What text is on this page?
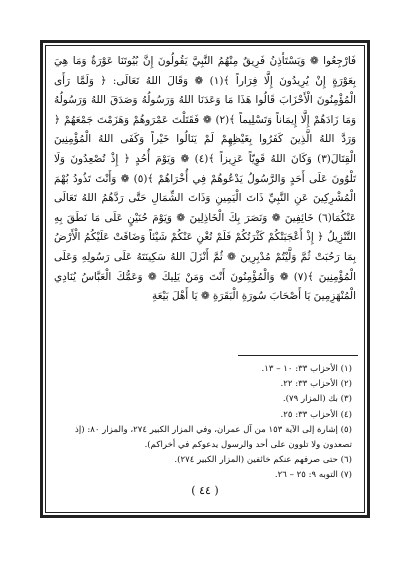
فَارْجِعُوا ❁ وَيَسْتَأْذِنُ فَرِيقٌ مِنْهُمُ النَّبِيَّ يَقُولُونَ إِنَّ بُيُوتَنَا عَوْرَةٌ وَمَا هِيَ بِعَوْرَةٍ إِنْ يُرِيدُونَ إِلَّا فِرَاراً ﴾(١) ❁ وَقَالَ اللهُ تَعَالَى: ﴿ وَلَمَّا رَأَى الْمُؤْمِنُونَ الْأَحْزَابَ قَالُوا هَذَا مَا وَعَدَنَا اللهُ وَرَسُولُهُ وَصَدَقَ اللهُ وَرَسُولُهُ وَمَا زَادَهُمْ إِلَّا إِيمَاناً وَتَسْلِيماً ﴾(٢) ❁ فَقَتَلْتَ عَمْرَوهُمْ وَهَزَمْتَ جَمْعَهُمْ ﴿ وَرَدَّ اللهُ الَّذِينَ كَفَرُوا بِغَيْظِهِمْ لَمْ يَنَالُوا خَيْراً وَكَفَى اللهُ الْمُؤْمِنِينَ الْقِتَالَ(٣) وَكَانَ اللهُ قَوِيّاً عَزِيزاً ﴾(٤) ❁ وَيَوْمَ أُحُدٍ ﴿ إِذْ تُصْعِدُونَ وَلَا تَلْوُونَ عَلَى أَحَدٍ وَالرَّسُولُ يَدْعُوهُمْ فِي أُخْرَاهُمْ ﴾(٥) ❁ وَأَنْتَ تَذُودُ بُهْمَ الْمُشْرِكِينَ عَنِ النَّبِيِّ ذَاتَ الْيَمِينِ وَذَاتَ الشِّمَالِ حَتَّى رَدَّهُمُ اللهُ تَعَالَى عَنْكُمَا(٦) خَائِفِينَ ❁ وَنَصَرَ بِكَ الْخَاذِلِينَ ❁ وَيَوْمَ حُنَيْنٍ عَلَى مَا نَطَقَ بِهِ التَّنْزِيلُ ﴿ إِذْ أَعْجَبَتْكُمْ كَثْرَتُكُمْ فَلَمْ تُغْنِ عَنْكُمْ شَيْئاً وَضَاقَتْ عَلَيْكُمُ الْأَرْضُ بِمَا رَحُبَتْ ثُمَّ وَلَّيْتُمْ مُدْبِرِينَ ❁ ثُمَّ أَنْزَلَ اللهُ سَكِينَتَهُ عَلَى رَسُولِهِ وَعَلَى الْمُؤْمِنِينَ ﴾(٧) ❁ وَالْمُؤْمِنُونَ أَنْتَ وَمَنْ يَلِيكَ ❁ وَعَمُّكَ الْعَبَّاسُ يُنَادِي الْمُنْهَزِمِينَ يَا أَصْحَابَ سُورَةِ الْبَقَرَةِ ❁ يَا أَهْلَ بَيْعَةِ

(١) الأحزاب ٣٣: ١٠ – ١٣.

(٢) الأحزاب ٣٣: ٢٢.

(٣) بك (المزار ٧٩).

(٤) الأحزاب ٣٣: ٢٥.

(٥) إشارة إلى الآية ١٥٣ من آل عمران، وفي المزار الكبير ٢٧٤، والمزار ٨٠: (إذ تصعدون ولا تلوون على أحد والرسول يدعوكم في أخراكم).

(٦) حتى صرفهم عنكم خائفين (المزار الكبير ٢٧٤).

(٧) التوبه ٩: ٢٥ – ٢٦.

( ٤٤ )
